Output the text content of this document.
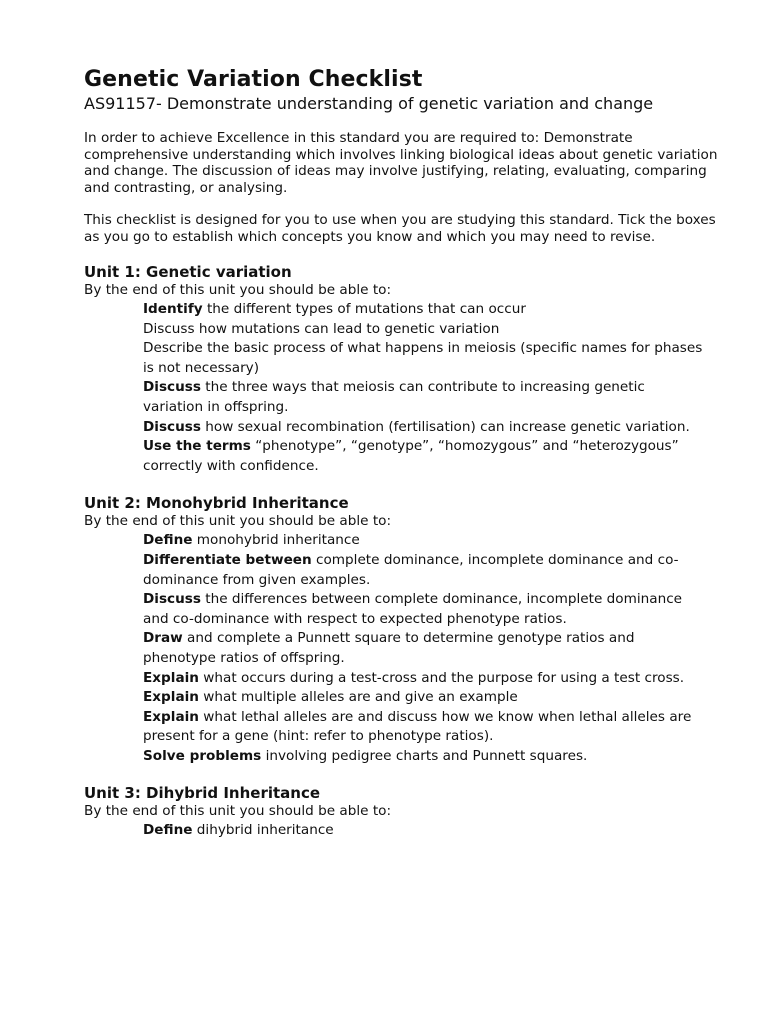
Genetic Variation Checklist
AS91157- Demonstrate understanding of genetic variation and change
In order to achieve Excellence in this standard you are required to: Demonstrate comprehensive understanding which involves linking biological ideas about genetic variation and change. The discussion of ideas may involve justifying, relating, evaluating, comparing and contrasting, or analysing.
This checklist is designed for you to use when you are studying this standard. Tick the boxes as you go to establish which concepts you know and which you may need to revise.
Unit 1: Genetic variation
By the end of this unit you should be able to:
Identify the different types of mutations that can occur
Discuss how mutations can lead to genetic variation
Describe the basic process of what happens in meiosis (specific names for phases is not necessary)
Discuss the three ways that meiosis can contribute to increasing genetic variation in offspring.
Discuss how sexual recombination (fertilisation) can increase genetic variation.
Use the terms “phenotype”, “genotype”, “homozygous” and “heterozygous” correctly with confidence.
Unit 2: Monohybrid Inheritance
By the end of this unit you should be able to:
Define monohybrid inheritance
Differentiate between complete dominance, incomplete dominance and co-dominance from given examples.
Discuss the differences between complete dominance, incomplete dominance and co-dominance with respect to expected phenotype ratios.
Draw and complete a Punnett square to determine genotype ratios and phenotype ratios of offspring.
Explain what occurs during a test-cross and the purpose for using a test cross.
Explain what multiple alleles are and give an example
Explain what lethal alleles are and discuss how we know when lethal alleles are present for a gene (hint: refer to phenotype ratios).
Solve problems involving pedigree charts and Punnett squares.
Unit 3: Dihybrid Inheritance
By the end of this unit you should be able to:
Define dihybrid inheritance
